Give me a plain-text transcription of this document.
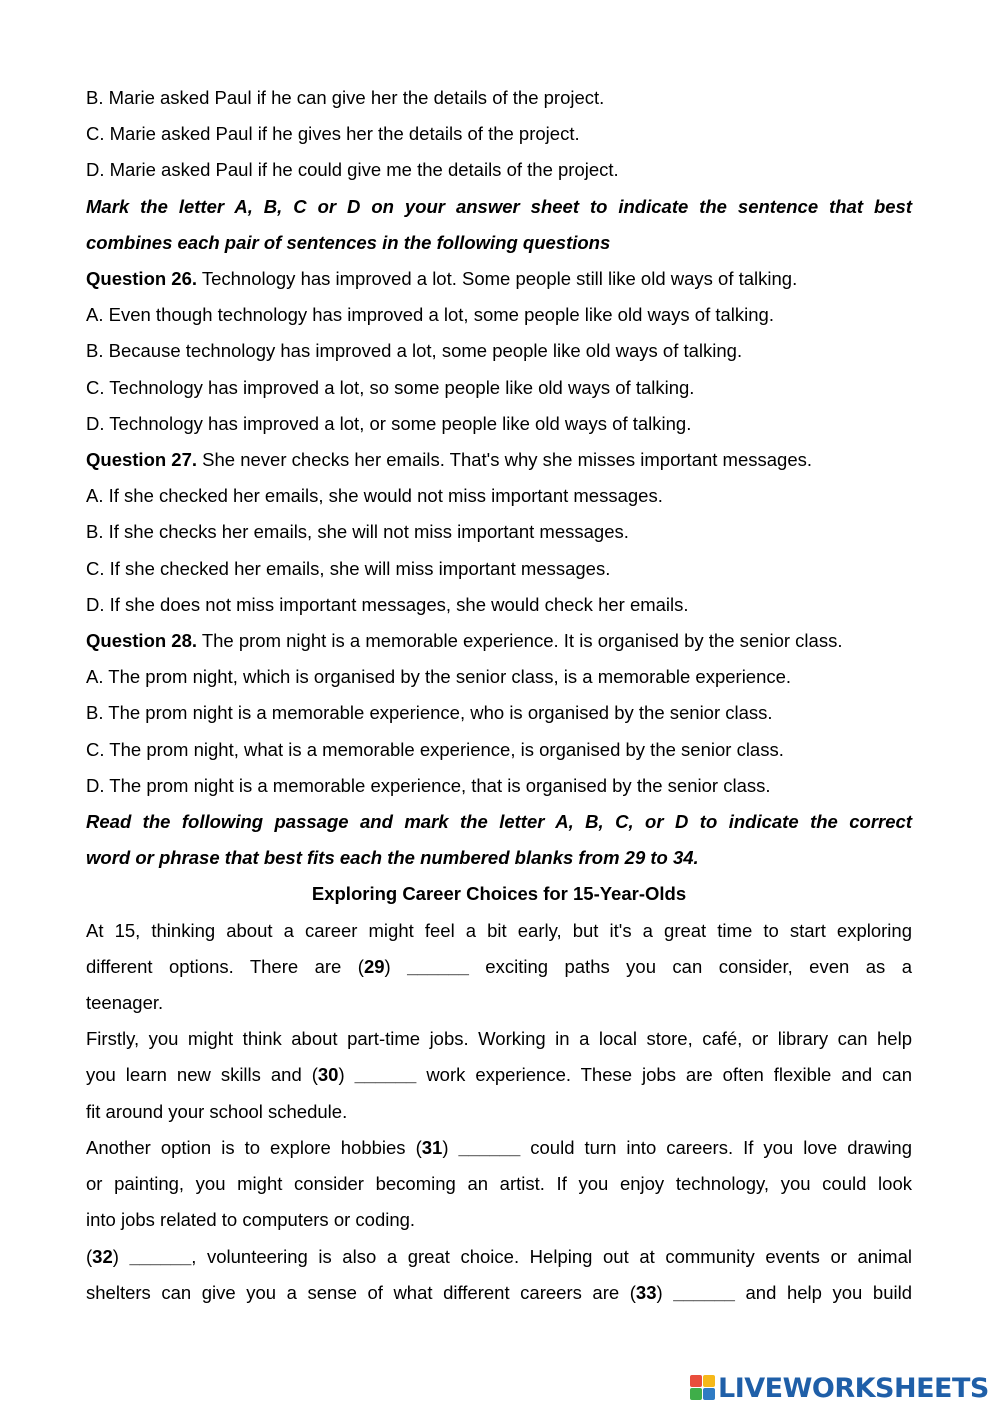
B. Marie asked Paul if he can give her the details of the project.
C. Marie asked Paul if he gives her the details of the project.
D. Marie asked Paul if he could give me the details of the project.
Mark the letter A, B, C or D on your answer sheet to indicate the sentence that best
combines each pair of sentences in the following questions
Question 26. Technology has improved a lot. Some people still like old ways of talking.
A. Even though technology has improved a lot, some people like old ways of talking.
B. Because technology has improved a lot, some people like old ways of talking.
C. Technology has improved a lot, so some people like old ways of talking.
D. Technology has improved a lot, or some people like old ways of talking.
Question 27. She never checks her emails. That's why she misses important messages.
A. If she checked her emails, she would not miss important messages.
B. If she checks her emails, she will not miss important messages.
C. If she checked her emails, she will miss important messages.
D. If she does not miss important messages, she would check her emails.
Question 28. The prom night is a memorable experience. It is organised by the senior class.
A. The prom night, which is organised by the senior class, is a memorable experience.
B. The prom night is a memorable experience, who is organised by the senior class.
C. The prom night, what is a memorable experience, is organised by the senior class.
D. The prom night is a memorable experience, that is organised by the senior class.
Read the following passage and mark the letter A, B, C, or D to indicate the correct
word or phrase that best fits each the numbered blanks from 29 to 34.
Exploring Career Choices for 15-Year-Olds
At 15, thinking about a career might feel a bit early, but it's a great time to start exploring
different options. There are (29) ______ exciting paths you can consider, even as a
teenager.
Firstly, you might think about part-time jobs. Working in a local store, café, or library can help
you learn new skills and (30) ______ work experience. These jobs are often flexible and can
fit around your school schedule.
Another option is to explore hobbies (31) ______ could turn into careers. If you love drawing
or painting, you might consider becoming an artist. If you enjoy technology, you could look
into jobs related to computers or coding.
(32) ______, volunteering is also a great choice. Helping out at community events or animal
shelters can give you a sense of what different careers are (33) ______ and help you build
LIVEWORKSHEETS
